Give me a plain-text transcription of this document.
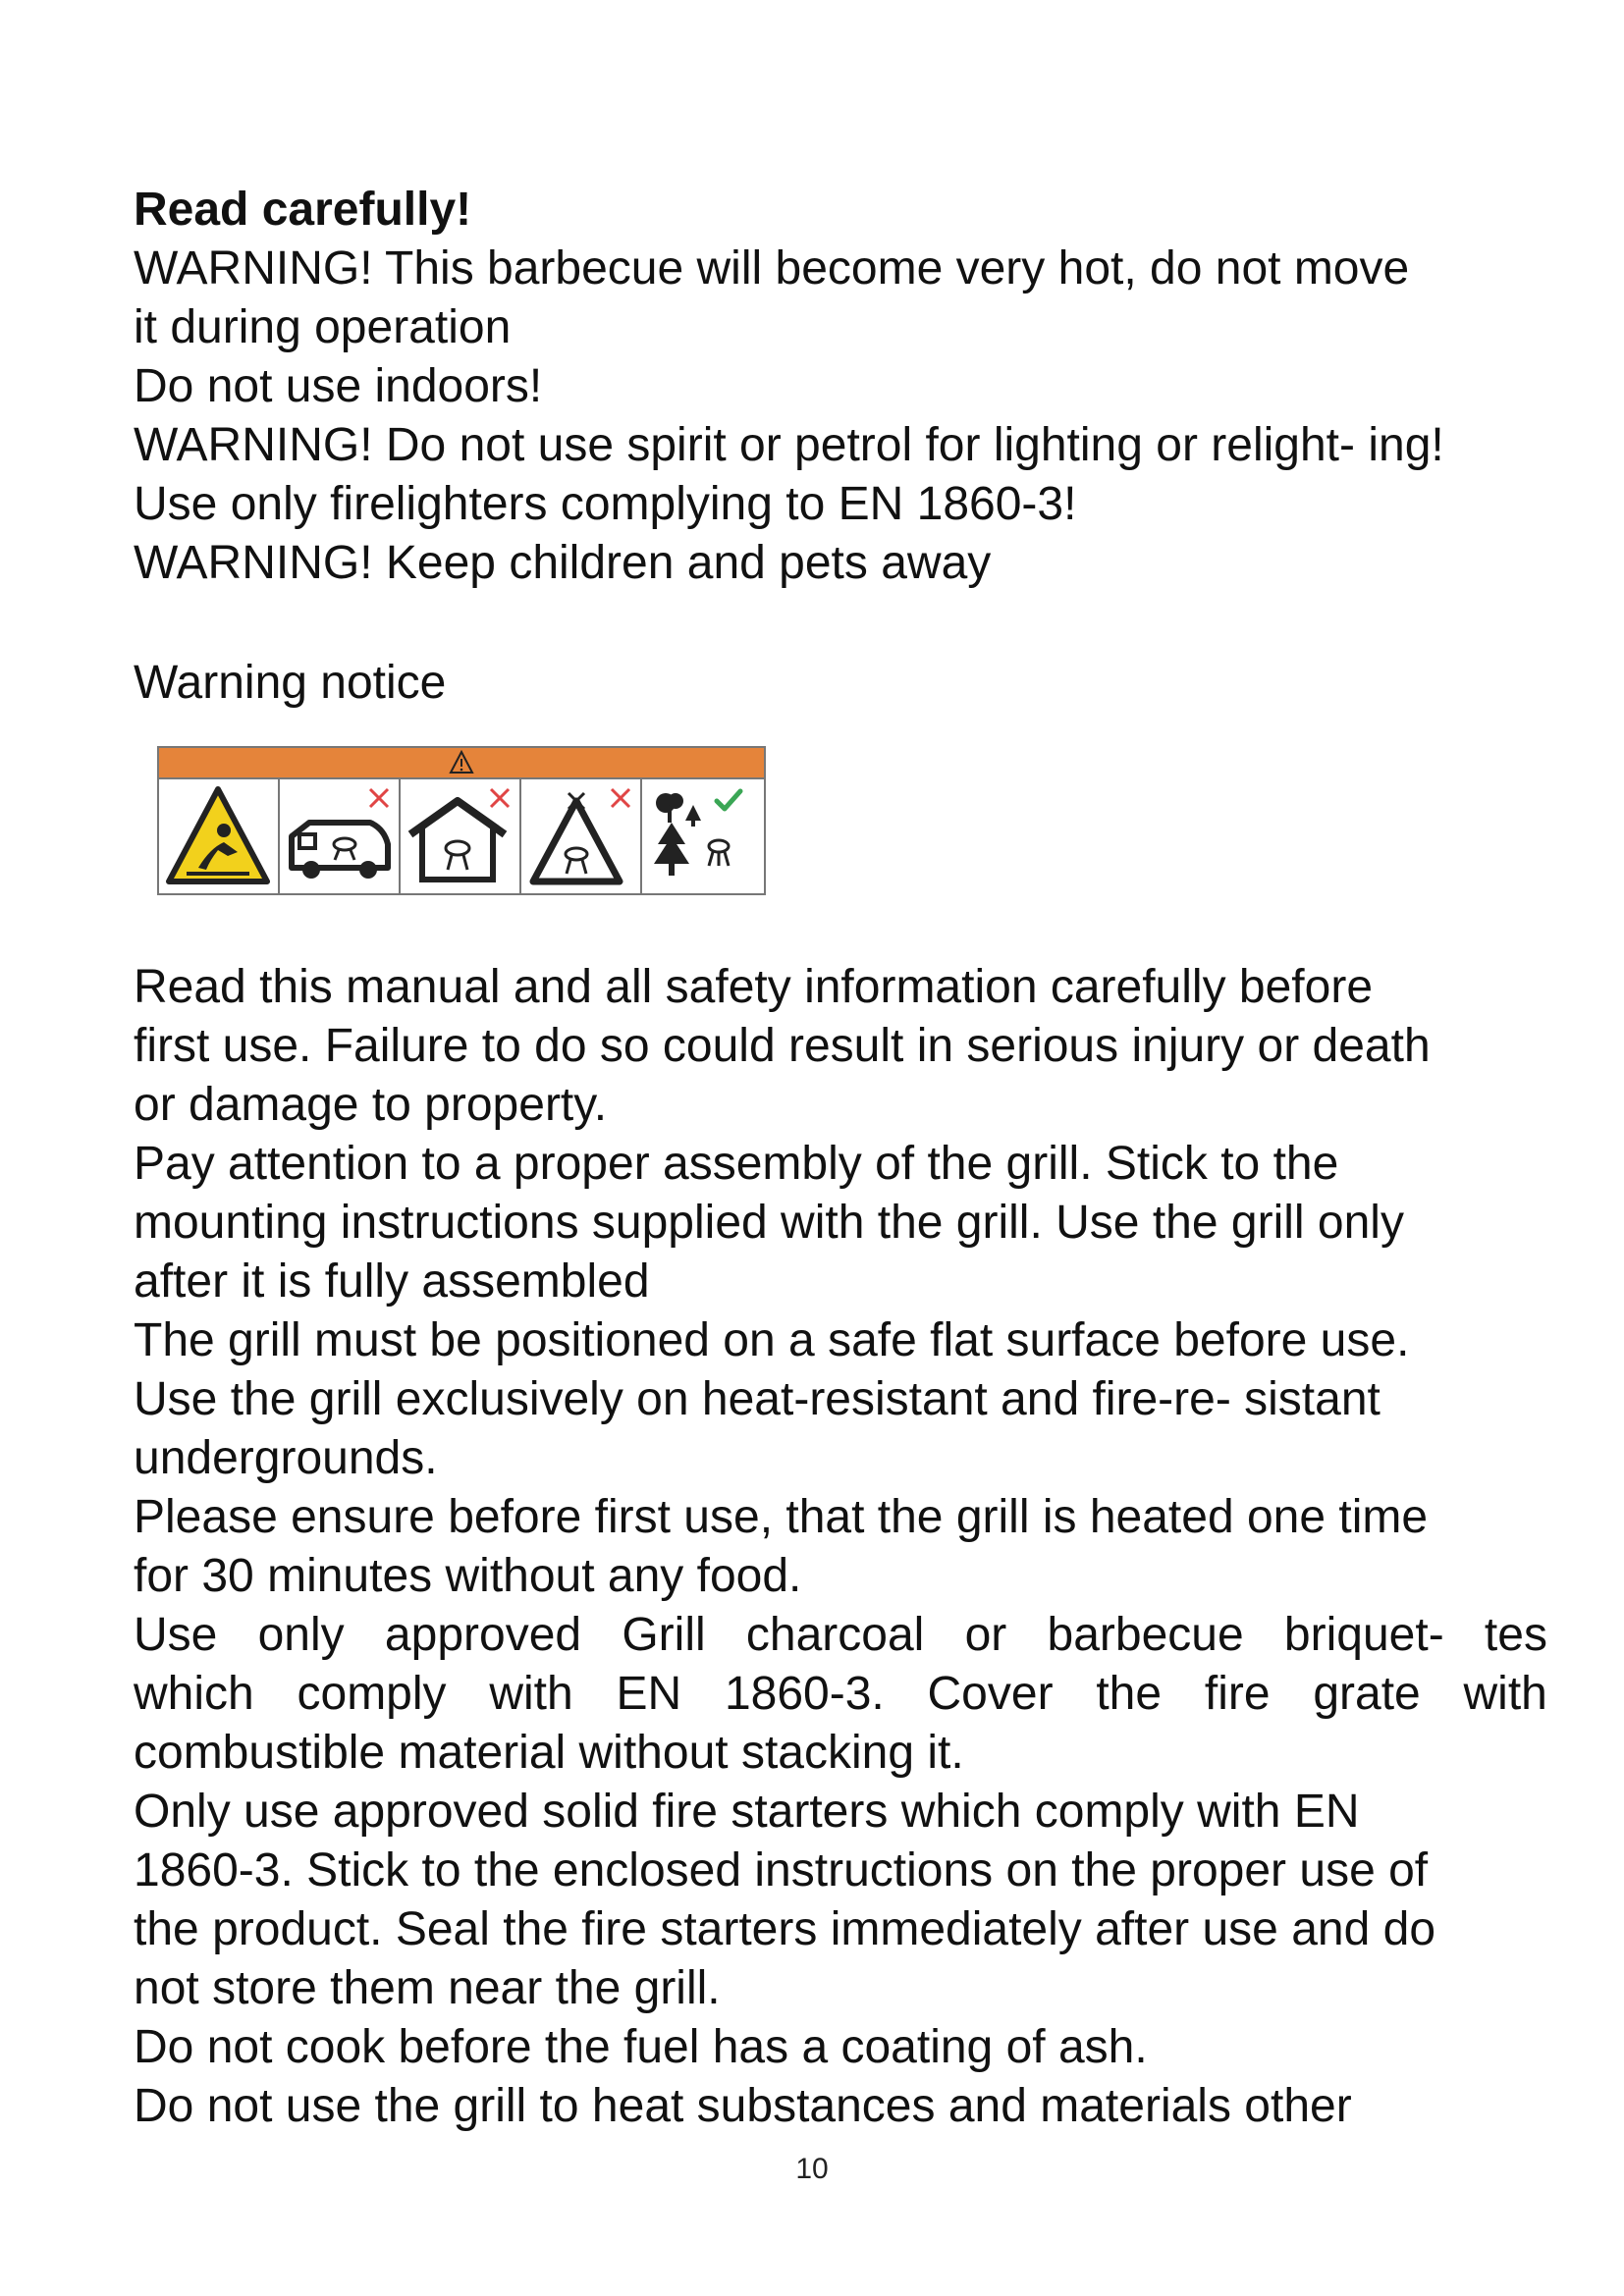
Read carefully!
WARNING! This barbecue will become very hot, do not move
it during operation
Do not use indoors!
WARNING! Do not use spirit or petrol for lighting or relight- ing!
Use only firelighters complying to EN 1860-3!
WARNING! Keep children and pets away
Warning notice
Read this manual and all safety information carefully before
first use. Failure to do so could result in serious injury or death
or damage to property.
Pay attention to a proper assembly of the grill. Stick to the
mounting instructions supplied with the grill. Use the grill only
after it is fully assembled
The grill must be positioned on a safe flat surface before use.
Use the grill exclusively on heat-resistant and fire-re- sistant
undergrounds.
Please ensure before first use, that the grill is heated one time
for 30 minutes without any food.
Use only approved Grill charcoal or barbecue briquet- tes
which comply with EN 1860-3. Cover the fire grate with
combustible material without stacking it.
Only use approved solid fire starters which comply with EN
1860-3. Stick to the enclosed instructions on the proper use of
the product. Seal the fire starters immediately after use and do
not store them near the grill.
Do not cook before the fuel has a coating of ash.
Do not use the grill to heat substances and materials other
10
